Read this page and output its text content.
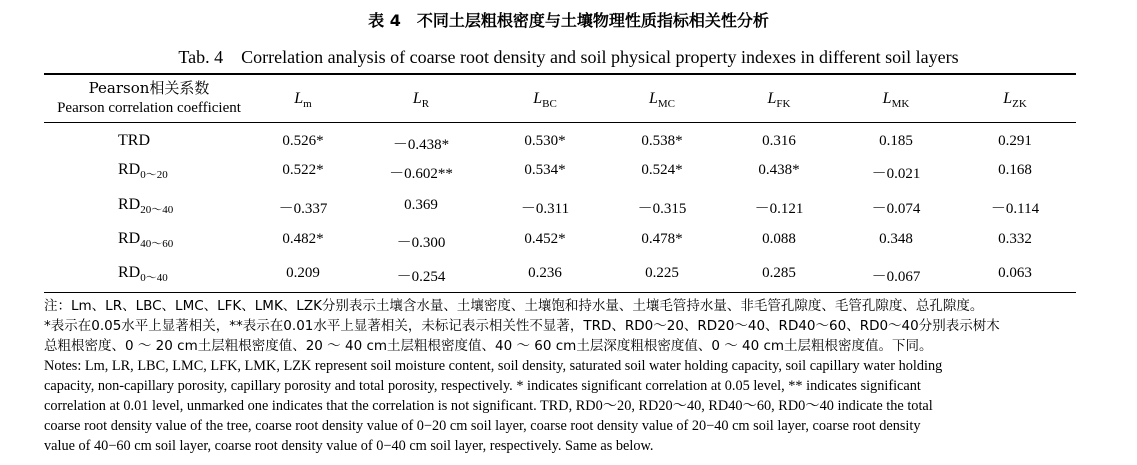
表 4　不同土层粗根密度与土壤物理性质指标相关性分析
Tab. 4　Correlation analysis of coarse root density and soil physical property indexes in different soil layers
Pearson相关系数
Pearson correlation coefficient
$L_m$	$L_R$	$L_{BC}$	$L_{MC}$	$L_{FK}$	$L_{MK}$	$L_{ZK}$
TRD	0.526*	－0.438*	0.530*	0.538*	0.316	0.185	0.291
$RD_{0\sim 20}$	0.522*	－0.602**	0.534*	0.524*	0.438*	－0.021	0.168
$RD_{20\sim 40}$	－0.337	0.369	－0.311	－0.315	－0.121	－0.074	－0.114
$RD_{40\sim 60}$	0.482*	－0.300	0.452*	0.478*	0.088	0.348	0.332
$RD_{0\sim 40}$	0.209	－0.254	0.236	0.225	0.285	－0.067	0.063
注：Lm、LR、LBC、LMC、LFK、LMK、LZK分别表示土壤含水量、土壤密度、土壤饱和持水量、土壤毛管持水量、非毛管孔隙度、毛管孔隙度、总孔隙度。
*表示在0.05水平上显著相关，**表示在0.01水平上显著相关，未标记表示相关性不显著，TRD、RD0～20、RD20～40、RD40～60、RD0～40分别表示树木
总粗根密度、0 ～ 20 cm土层粗根密度值、20 ～ 40 cm土层粗根密度值、40 ～ 60 cm土层深度粗根密度值、0 ～ 40 cm土层粗根密度值。下同。
Notes: Lm, LR, LBC, LMC, LFK, LMK, LZK represent soil moisture content, soil density, saturated soil water holding capacity, soil capillary water holding
capacity, non-capillary porosity, capillary porosity and total porosity, respectively. * indicates significant correlation at 0.05 level, ** indicates significant
correlation at 0.01 level, unmarked one indicates that the correlation is not significant. TRD, RD0～20, RD20～40, RD40～60, RD0～40 indicate the total
coarse root density value of the tree, coarse root density value of 0−20 cm soil layer, coarse root density value of 20−40 cm soil layer, coarse root density
value of 40−60 cm soil layer, coarse root density value of 0−40 cm soil layer, respectively. Same as below.
